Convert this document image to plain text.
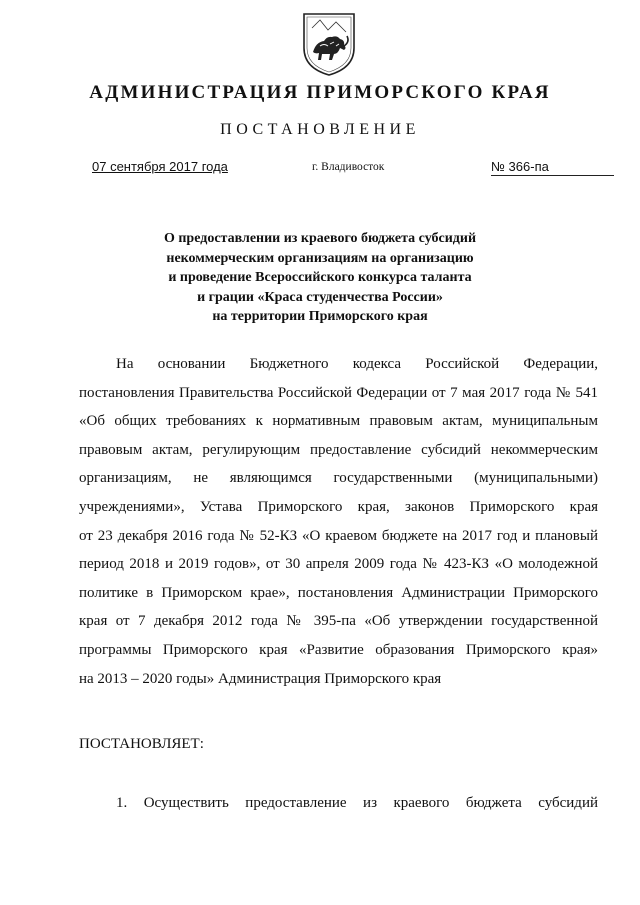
АДМИНИСТРАЦИЯ ПРИМОРСКОГО КРАЯ
ПОСТАНОВЛЕНИЕ
07 сентября 2017 года	г. Владивосток	№ 366-па
О предоставлении из краевого бюджета субсидий
некоммерческим организациям на организацию
и проведение Всероссийского конкурса таланта
и грации «Краса студенчества России»
на территории Приморского края
На основании Бюджетного кодекса Российской Федерации,
постановления Правительства Российской Федерации от 7 мая 2017 года № 541
«Об общих требованиях к нормативным правовым актам, муниципальным
правовым актам, регулирующим предоставление субсидий некоммерческим
организациям, не являющимся государственными (муниципальными)
учреждениями», Устава Приморского края, законов Приморского края
от 23 декабря 2016 года № 52-КЗ «О краевом бюджете на 2017 год и плановый
период 2018 и 2019 годов», от 30 апреля 2009 года № 423-КЗ «О молодежной
политике в Приморском крае», постановления Администрации Приморского
края от 7 декабря 2012 года № 395-па «Об утверждении государственной
программы Приморского края «Развитие образования Приморского края»
на 2013 – 2020 годы» Администрация Приморского края
ПОСТАНОВЛЯЕТ:
1. Осуществить предоставление из краевого бюджета субсидий
